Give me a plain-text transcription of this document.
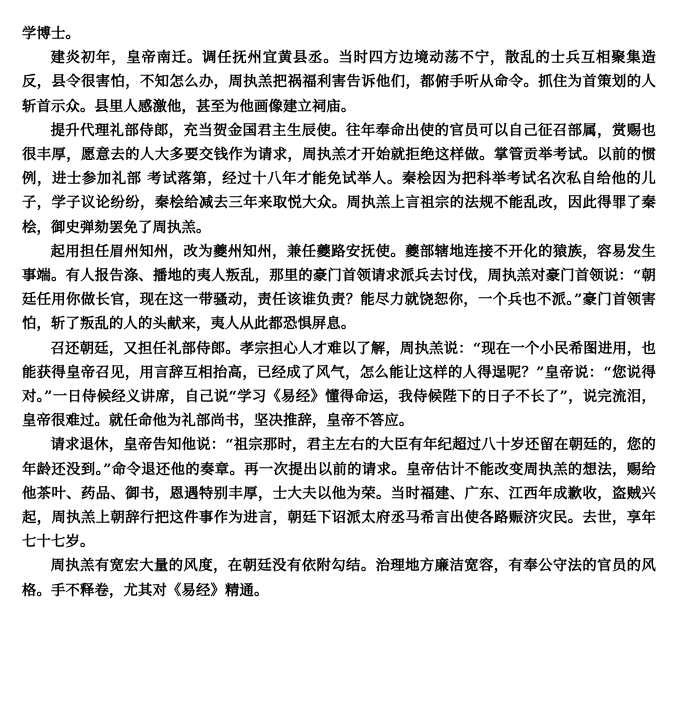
学博士。

建炎初年，皇帝南迁。调任抚州宜黄县丞。当时四方边境动荡不宁，散乱的士兵互相聚集造反，县令很害怕，不知怎么办，周执羔把祸福利害告诉他们，都俯手听从命令。抓住为首策划的人斩首示众。县里人感激他，甚至为他画像建立祠庙。

提升代理礼部侍郎，充当贺金国君主生辰使。往年奉命出使的官员可以自己征召部属，赏赐也很丰厚，愿意去的人大多要交钱作为请求，周执羔才开始就拒绝这样做。掌管贡举考试。以前的惯例，进士参加礼部 考试落第，经过十八年才能免试举人。秦桧因为把科举考试名次私自给他的儿子，学子议论纷纷，秦桧给减去三年来取悦大众。周执羔上言祖宗的法规不能乱改，因此得罪了秦桧，御史弹劾罢免了周执羔。

起用担任眉州知州，改为夔州知州，兼任夔路安抚使。夔部辖地连接不开化的猿族，容易发生事端。有人报告涤、播地的夷人叛乱，那里的豪门首领请求派兵去讨伐，周执羔对豪门首领说：“朝廷任用你做长官，现在这一带骚动，责任该谁负责？能尽力就饶恕你，一个兵也不派。”豪门首领害怕，斩了叛乱的人的头献来，夷人从此都恐惧屏息。

召还朝廷，又担任礼部侍郎。孝宗担心人才难以了解，周执羔说：“现在一个小民希图进用，也能获得皇帝召见，用言辞互相抬高，已经成了风气，怎么能让这样的人得逞呢？”皇帝说：“您说得对。”一日侍候经义讲席，自己说“学习《易经》懂得命运，我侍候陛下的日子不长了”，说完流泪，皇帝很难过。就任命他为礼部尚书，坚决推辞，皇帝不答应。

请求退休，皇帝告知他说：“祖宗那时，君主左右的大臣有年纪超过八十岁还留在朝廷的，您的年龄还没到。”命令退还他的奏章。再一次提出以前的请求。皇帝估计不能改变周执羔的想法，赐给他茶叶、药品、御书，恩遇特别丰厚，士大夫以他为荣。当时福建、广东、江西年成歉收，盗贼兴起，周执羔上朝辞行把这件事作为进言，朝廷下诏派太府丞马希言出使各路赈济灾民。去世，享年七十七岁。

周执羔有宽宏大量的风度，在朝廷没有依附勾结。治理地方廉洁宽容，有奉公守法的官员的风格。手不释卷，尤其对《易经》精通。
